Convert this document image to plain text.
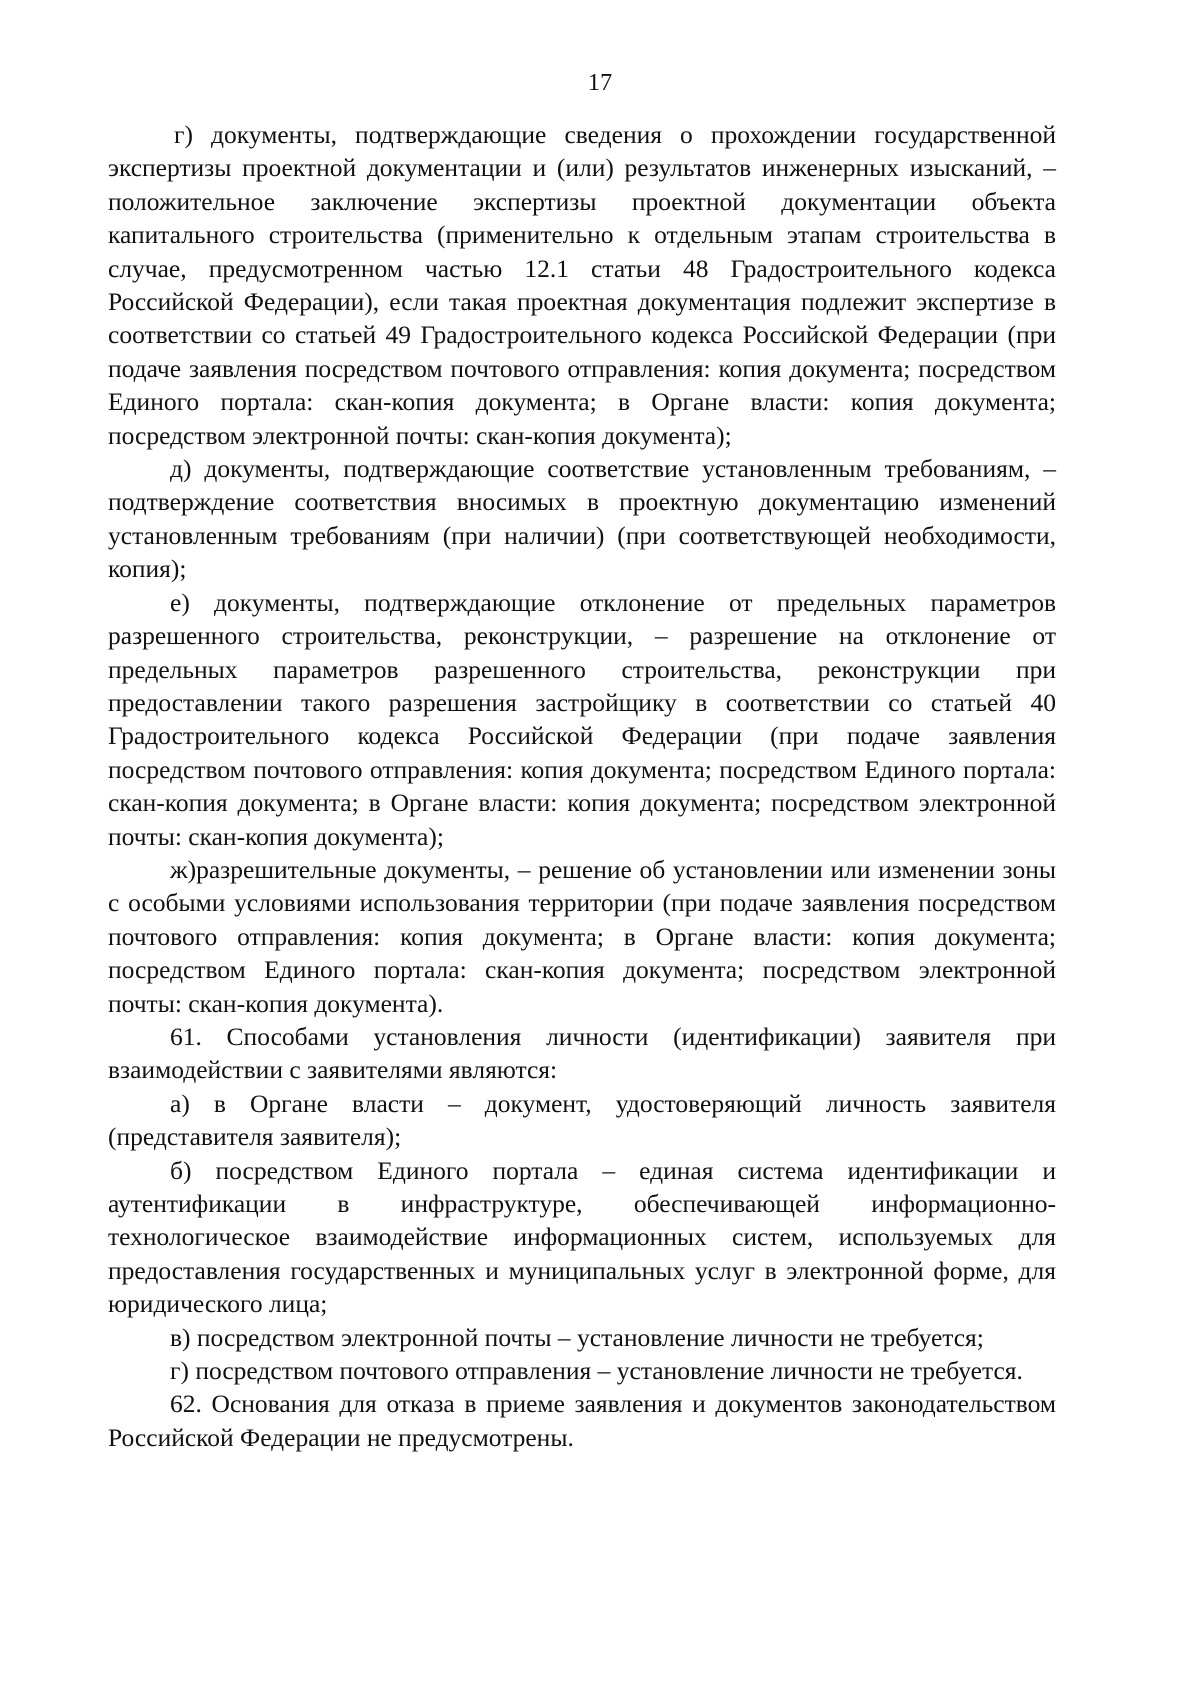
17

г) документы, подтверждающие сведения о прохождении государственной экспертизы проектной документации и (или) результатов инженерных изысканий, – положительное заключение экспертизы проектной документации объекта капитального строительства (применительно к отдельным этапам строительства в случае, предусмотренном частью 12.1 статьи 48 Градостроительного кодекса Российской Федерации), если такая проектная документация подлежит экспертизе в соответствии со статьей 49 Градостроительного кодекса Российской Федерации (при подаче заявления посредством почтового отправления: копия документа; посредством Единого портала: скан-копия документа; в Органе власти: копия документа; посредством электронной почты: скан-копия документа);

д) документы, подтверждающие соответствие установленным требованиям, – подтверждение соответствия вносимых в проектную документацию изменений установленным требованиям (при наличии) (при соответствующей необходимости, копия);

е) документы, подтверждающие отклонение от предельных параметров разрешенного строительства, реконструкции, – разрешение на отклонение от предельных параметров разрешенного строительства, реконструкции при предоставлении такого разрешения застройщику в соответствии со статьей 40 Градостроительного кодекса Российской Федерации (при подаче заявления посредством почтового отправления: копия документа; посредством Единого портала: скан-копия документа; в Органе власти: копия документа; посредством электронной почты: скан-копия документа);

ж)разрешительные документы, – решение об установлении или изменении зоны с особыми условиями использования территории (при подаче заявления посредством почтового отправления: копия документа; в Органе власти: копия документа; посредством Единого портала: скан-копия документа; посредством электронной почты: скан-копия документа).

61. Способами установления личности (идентификации) заявителя при взаимодействии с заявителями являются:

а) в Органе власти – документ, удостоверяющий личность заявителя (представителя заявителя);

б) посредством Единого портала – единая система идентификации и аутентификации в инфраструктуре, обеспечивающей информационно-технологическое взаимодействие информационных систем, используемых для предоставления государственных и муниципальных услуг в электронной форме, для юридического лица;

в) посредством электронной почты – установление личности не требуется;

г) посредством почтового отправления – установление личности не требуется.

62. Основания для отказа в приеме заявления и документов законодательством Российской Федерации не предусмотрены.
